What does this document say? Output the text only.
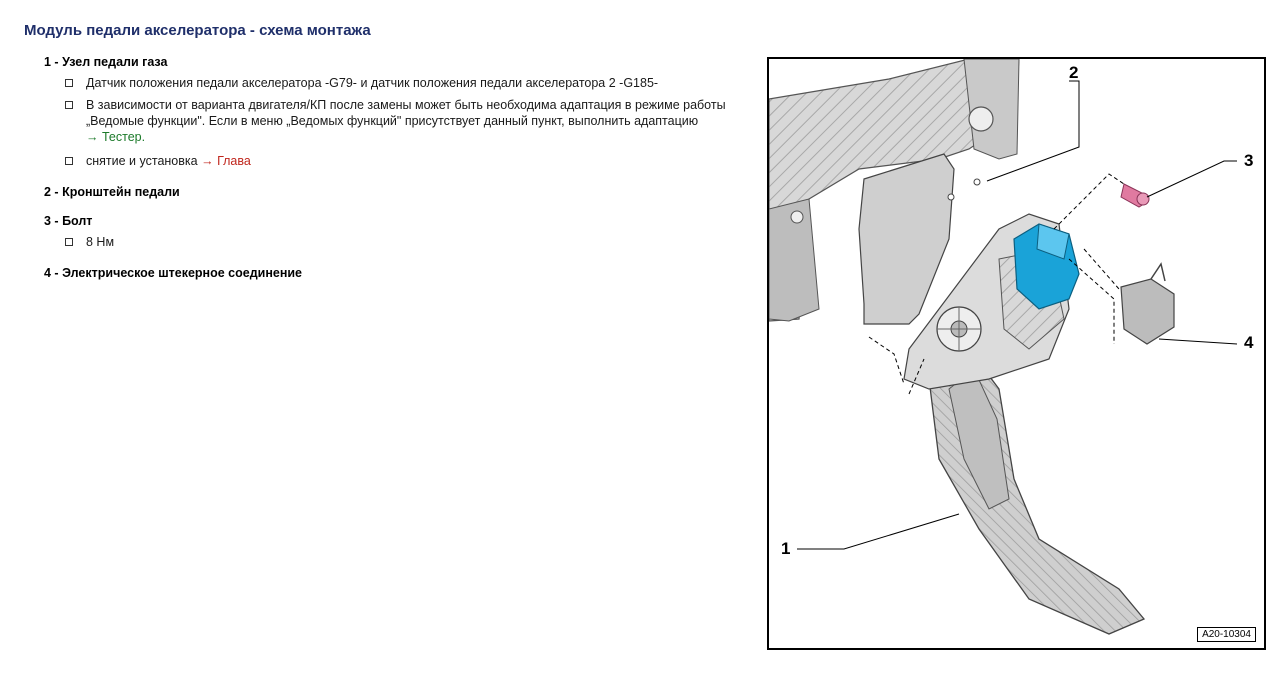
Модуль педали акселератора - схема монтажа
1 - Узел педали газа
Датчик положения педали акселератора -G79- и датчик положения педали акселератора 2 -G185-
В зависимости от варианта двигателя/КП после замены может быть необходима адаптация в режиме работы „Ведомые функции". Если в меню „Ведомых функций" присутствует данный пункт, выполнить адаптацию
→ Тестер.
снятие и установка → Глава
2 - Кронштейн педали
3 - Болт
8 Нм
4 - Электрическое штекерное соединение
2
3
4
1
A20-10304
